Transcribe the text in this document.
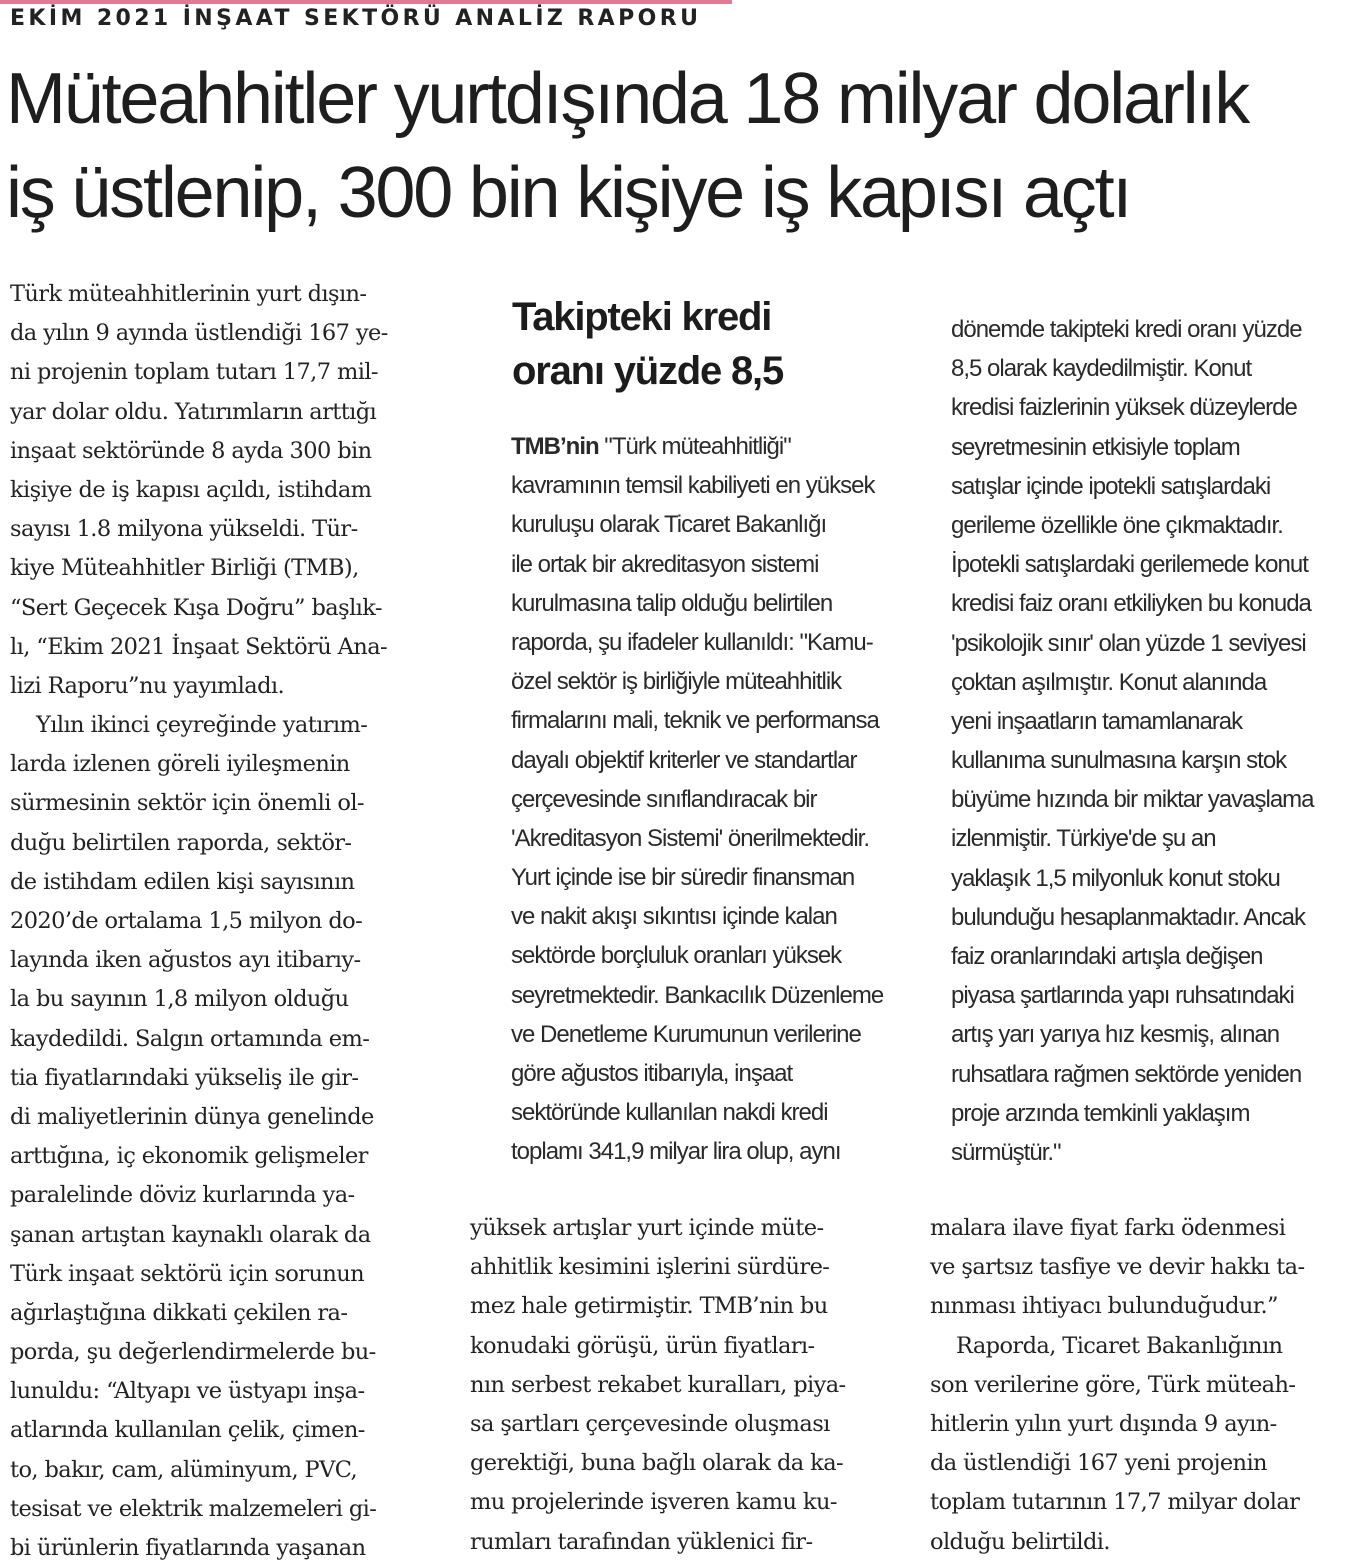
EKİM 2021 İNŞAAT SEKTÖRÜ ANALİZ RAPORU
Müteahhitler yurtdışında 18 milyar dolarlık
iş üstlenip, 300 bin kişiye iş kapısı açtı
Türk müteahhitlerinin yurt dışın-
da yılın 9 ayında üstlendiği 167 ye-
ni projenin toplam tutarı 17,7 mil-
yar dolar oldu. Yatırımların arttığı
inşaat sektöründe 8 ayda 300 bin
kişiye de iş kapısı açıldı, istihdam
sayısı 1.8 milyona yükseldi. Tür-
kiye Müteahhitler Birliği (TMB),
“Sert Geçecek Kışa Doğru” başlık-
lı, “Ekim 2021 İnşaat Sektörü Ana-
lizi Raporu”nu yayımladı.
Yılın ikinci çeyreğinde yatırım-
larda izlenen göreli iyileşmenin
sürmesinin sektör için önemli ol-
duğu belirtilen raporda, sektör-
de istihdam edilen kişi sayısının
2020’de ortalama 1,5 milyon do-
layında iken ağustos ayı itibarıy-
la bu sayının 1,8 milyon olduğu
kaydedildi. Salgın ortamında em-
tia fiyatlarındaki yükseliş ile gir-
di maliyetlerinin dünya genelinde
arttığına, iç ekonomik gelişmeler
paralelinde döviz kurlarında ya-
şanan artıştan kaynaklı olarak da
Türk inşaat sektörü için sorunun
ağırlaştığına dikkati çekilen ra-
porda, şu değerlendirmelerde bu-
lunuldu: “Altyapı ve üstyapı inşa-
atlarında kullanılan çelik, çimen-
to, bakır, cam, alüminyum, PVC,
tesisat ve elektrik malzemeleri gi-
bi ürünlerin fiyatlarında yaşanan
Takipteki kredi
oranı yüzde 8,5
TMB’nin "Türk müteahhitliği"
kavramının temsil kabiliyeti en yüksek
kuruluşu olarak Ticaret Bakanlığı
ile ortak bir akreditasyon sistemi
kurulmasına talip olduğu belirtilen
raporda, şu ifadeler kullanıldı: "Kamu-
özel sektör iş birliğiyle müteahhitlik
firmalarını mali, teknik ve performansa
dayalı objektif kriterler ve standartlar
çerçevesinde sınıflandıracak bir
'Akreditasyon Sistemi' önerilmektedir.
Yurt içinde ise bir süredir finansman
ve nakit akışı sıkıntısı içinde kalan
sektörde borçluluk oranları yüksek
seyretmektedir. Bankacılık Düzenleme
ve Denetleme Kurumunun verilerine
göre ağustos itibarıyla, inşaat
sektöründe kullanılan nakdi kredi
toplamı 341,9 milyar lira olup, aynı
dönemde takipteki kredi oranı yüzde
8,5 olarak kaydedilmiştir. Konut
kredisi faizlerinin yüksek düzeylerde
seyretmesinin etkisiyle toplam
satışlar içinde ipotekli satışlardaki
gerileme özellikle öne çıkmaktadır.
İpotekli satışlardaki gerilemede konut
kredisi faiz oranı etkiliyken bu konuda
'psikolojik sınır' olan yüzde 1 seviyesi
çoktan aşılmıştır. Konut alanında
yeni inşaatların tamamlanarak
kullanıma sunulmasına karşın stok
büyüme hızında bir miktar yavaşlama
izlenmiştir. Türkiye'de şu an
yaklaşık 1,5 milyonluk konut stoku
bulunduğu hesaplanmaktadır. Ancak
faiz oranlarındaki artışla değişen
piyasa şartlarında yapı ruhsatındaki
artış yarı yarıya hız kesmiş, alınan
ruhsatlara rağmen sektörde yeniden
proje arzında temkinli yaklaşım
sürmüştür."
yüksek artışlar yurt içinde müte-
ahhitlik kesimini işlerini sürdüre-
mez hale getirmiştir. TMB’nin bu
konudaki görüşü, ürün fiyatları-
nın serbest rekabet kuralları, piya-
sa şartları çerçevesinde oluşması
gerektiği, buna bağlı olarak da ka-
mu projelerinde işveren kamu ku-
rumları tarafından yüklenici fir-
malara ilave fiyat farkı ödenmesi
ve şartsız tasfiye ve devir hakkı ta-
nınması ihtiyacı bulunduğudur.”
Raporda, Ticaret Bakanlığının
son verilerine göre, Türk müteah-
hitlerin yılın yurt dışında 9 ayın-
da üstlendiği 167 yeni projenin
toplam tutarının 17,7 milyar dolar
olduğu belirtildi.
